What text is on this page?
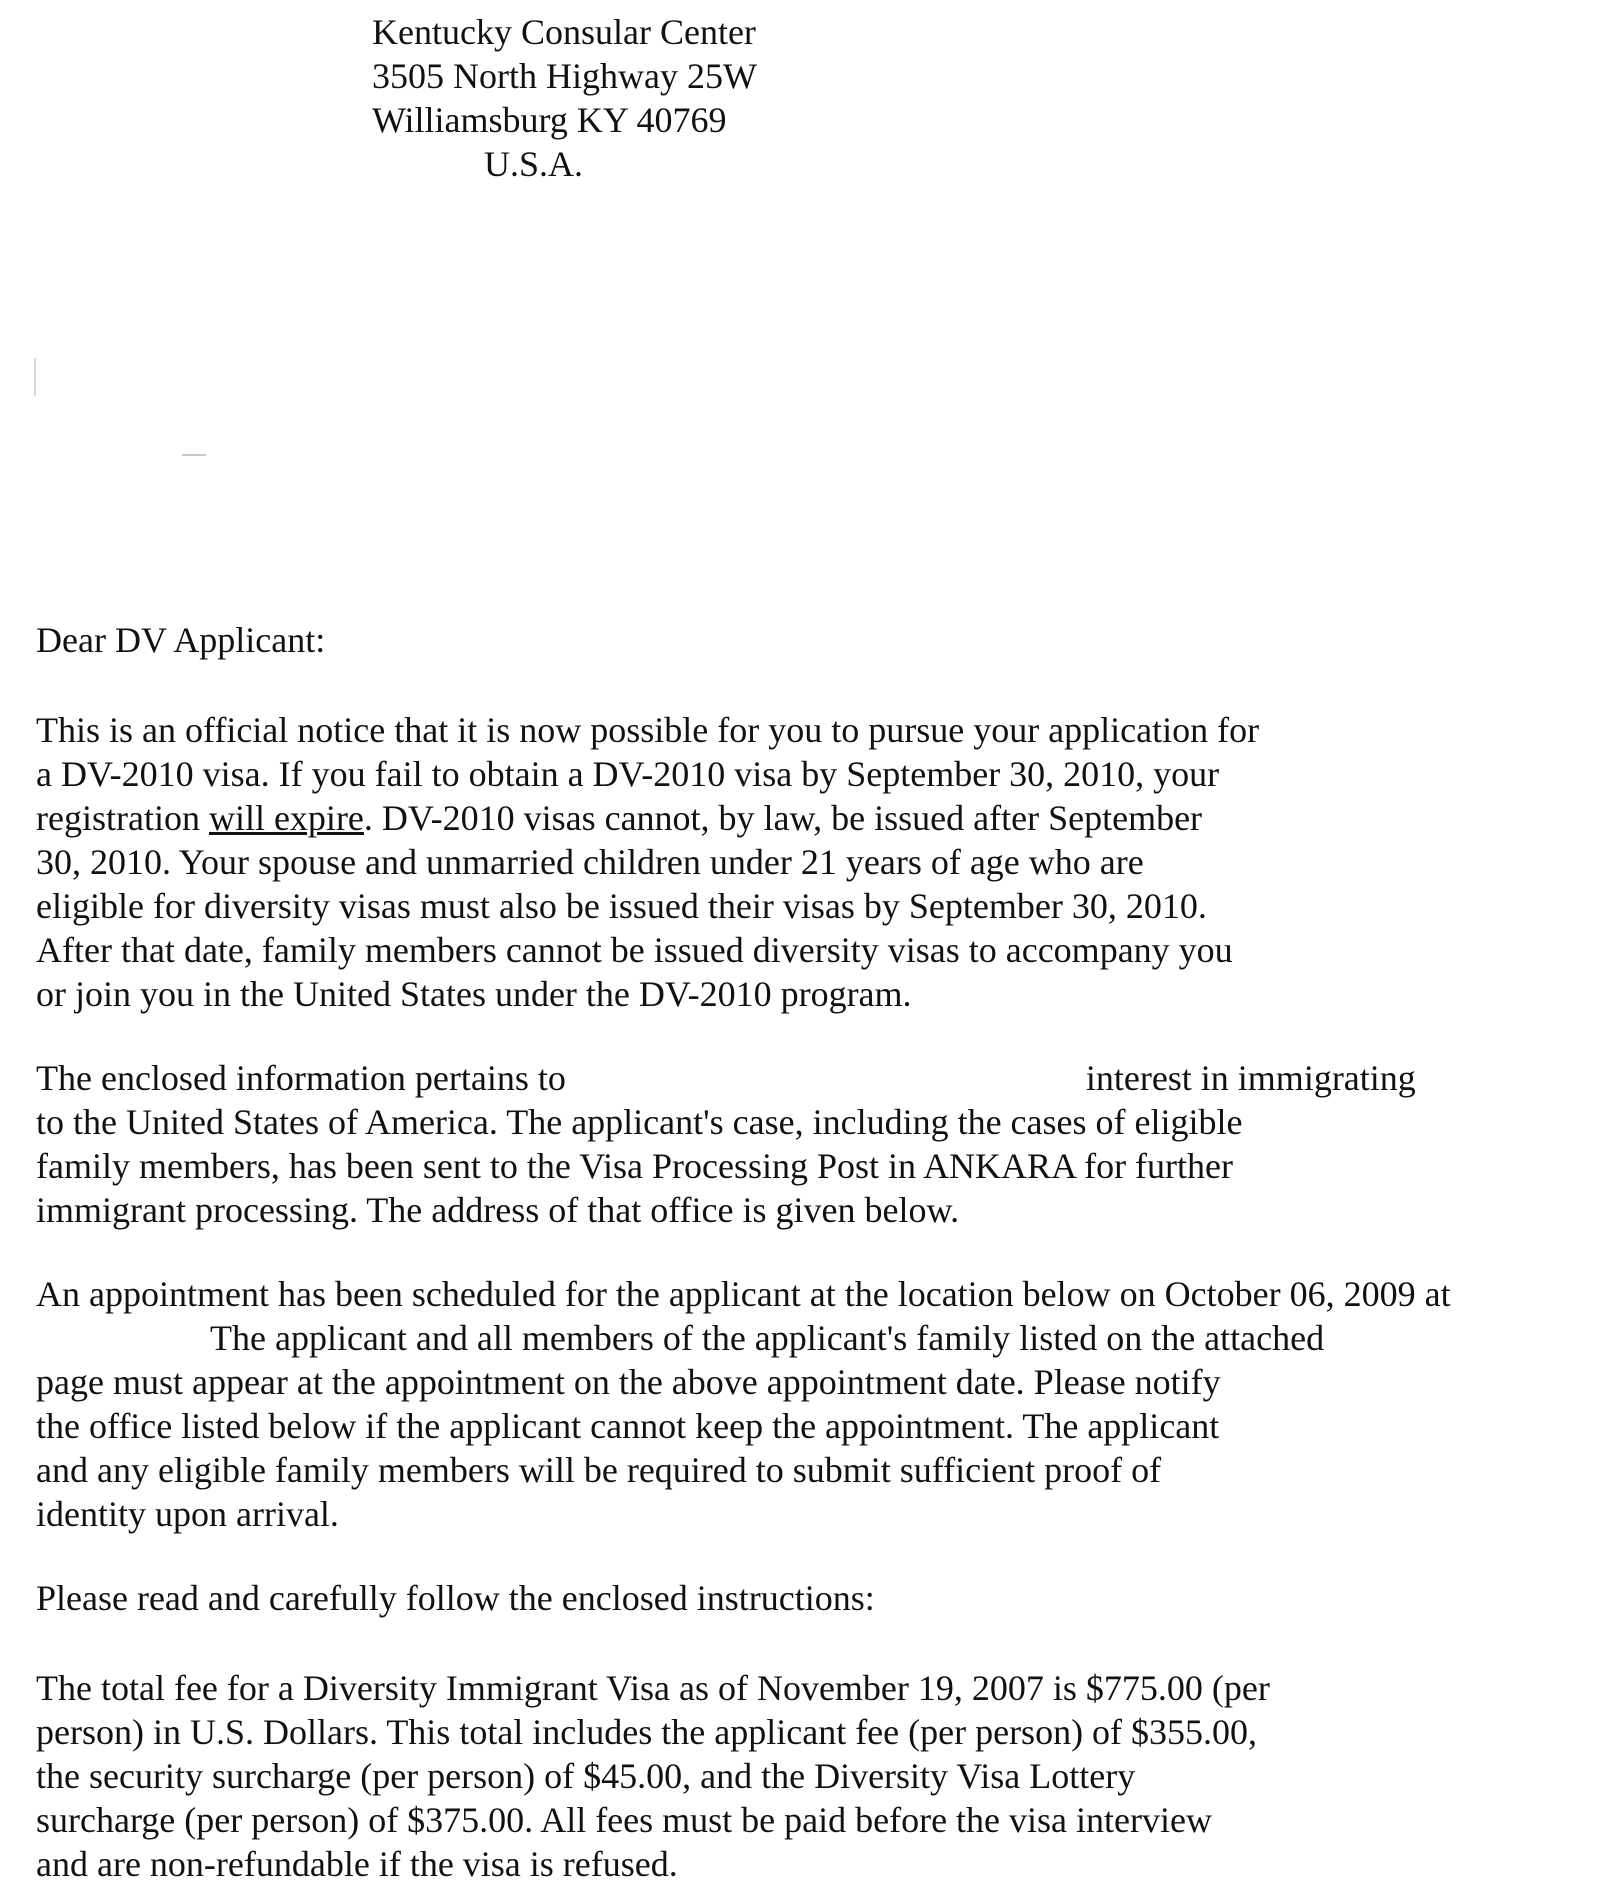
Kentucky Consular Center
3505 North Highway 25W
Williamsburg KY 40769
U.S.A.
Dear DV Applicant:
This is an official notice that it is now possible for you to pursue your application for
a DV-2010 visa. If you fail to obtain a DV-2010 visa by September 30, 2010, your
registration will expire. DV-2010 visas cannot, by law, be issued after September
30, 2010. Your spouse and unmarried children under 21 years of age who are
eligible for diversity visas must also be issued their visas by September 30, 2010.
After that date, family members cannot be issued diversity visas to accompany you
or join you in the United States under the DV-2010 program.
The enclosed information pertains to	interest in immigrating
to the United States of America. The applicant's case, including the cases of eligible
family members, has been sent to the Visa Processing Post in ANKARA for further
immigrant processing. The address of that office is given below.
An appointment has been scheduled for the applicant at the location below on October 06, 2009 at
The applicant and all members of the applicant's family listed on the attached
page must appear at the appointment on the above appointment date. Please notify
the office listed below if the applicant cannot keep the appointment. The applicant
and any eligible family members will be required to submit sufficient proof of
identity upon arrival.
Please read and carefully follow the enclosed instructions:
The total fee for a Diversity Immigrant Visa as of November 19, 2007 is $775.00 (per
person) in U.S. Dollars. This total includes the applicant fee (per person) of $355.00,
the security surcharge (per person) of $45.00, and the Diversity Visa Lottery
surcharge (per person) of $375.00. All fees must be paid before the visa interview
and are non-refundable if the visa is refused.
